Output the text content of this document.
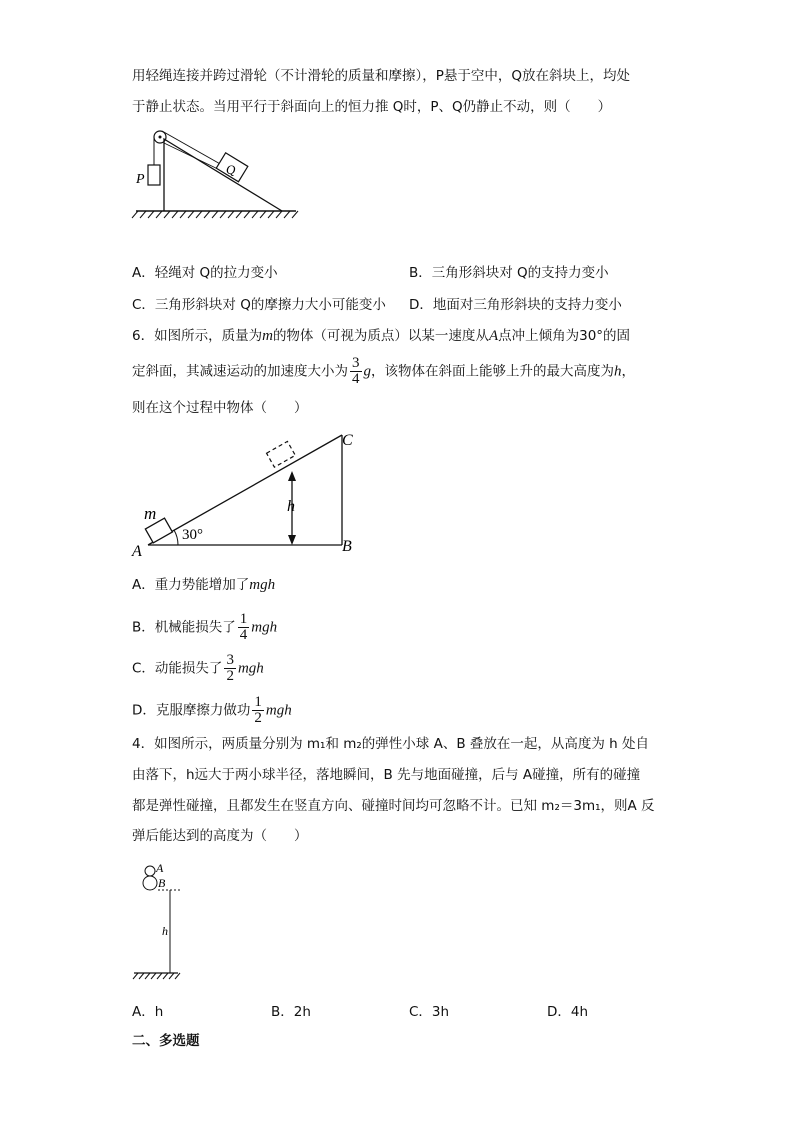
用轻绳连接并跨过滑轮（不计滑轮的质量和摩擦），P悬于空中，Q放在斜块上，均处
于静止状态。当用平行于斜面向上的恒力推 Q时，P、Q仍静止不动，则（　　）
P
Q
A．轻绳对 Q的拉力变小	B．三角形斜块对 Q的支持力变小
C．三角形斜块对 Q的摩擦力大小可能变小 D．地面对三角形斜块的支持力变小
6．如图所示，质量为m的物体（可视为质点）以某一速度从A点冲上倾角为30°的固
定斜面，其减速运动的加速度大小为 $\frac{3}{4}$ g，该物体在斜面上能够上升的最大高度为h，
则在这个过程中物体（　　）
m
A	B
C
h
30°
A．重力势能增加了mgh
B．机械能损失了 $\frac{1}{4}$ mgh
C．动能损失了 $\frac{3}{2}$ mgh
D．克服摩擦力做功 $\frac{1}{2}$ mgh
4．如图所示，两质量分别为 m₁和 m₂的弹性小球 A、B 叠放在一起，从高度为 h 处自
由落下，h远大于两小球半径，落地瞬间，B 先与地面碰撞，后与 A碰撞，所有的碰撞
都是弹性碰撞，且都发生在竖直方向、碰撞时间均可忽略不计。已知 m₂＝3m₁，则A 反
弹后能达到的高度为（　　）
A
B
h
A．h	B．2h	C．3h	D．4h
二、多选题
